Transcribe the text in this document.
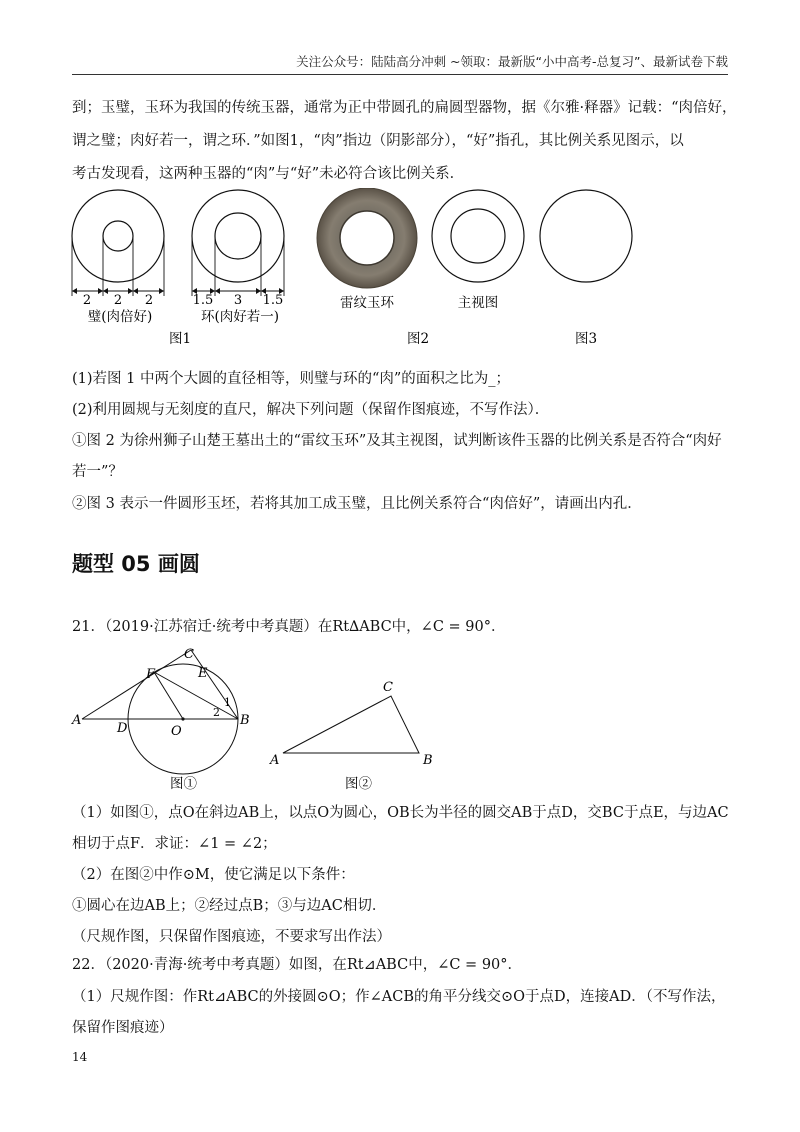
关注公众号：陆陆高分冲刺 ~领取：最新版“小中高考-总复习”、最新试卷下载
到；玉璧，玉环为我国的传统玉器，通常为正中带圆孔的扁圆型器物，据《尔雅·释器》记载：“肉倍好，
谓之璧；肉好若一，谓之环．”如图1，“肉”指边（阴影部分），“好”指孔，其比例关系见图示，以
考古发现看，这两种玉器的“肉”与“好”未必符合该比例关系．
2 2 2
璧(肉倍好)
1.5 3 1.5
环(肉好若一)
图1
雷纹玉环	主视图
图2	图3
(1)若图 1 中两个大圆的直径相等，则璧与环的“肉”的面积之比为_；
(2)利用圆规与无刻度的直尺，解决下列问题（保留作图痕迹，不写作法）．
①图 2 为徐州狮子山楚王墓出土的“雷纹玉环”及其主视图，试判断该件玉器的比例关系是否符合“肉好
若一”？
②图 3 表示一件圆形玉坯，若将其加工成玉璧，且比例关系符合“肉倍好”，请画出内孔．
题型 05 画圆
21．（2019·江苏宿迁·统考中考真题）在Rt∆ABC中，∠C = 90°．
C
F	E
A
D	O
B
1
2
图①
C
A	B
图②
（1）如图①，点O在斜边AB上，以点O为圆心，OB长为半径的圆交AB于点D，交BC于点E，与边AC
相切于点F．求证：∠1 = ∠2；
（2）在图②中作⊙M，使它满足以下条件：
①圆心在边AB上；②经过点B；③与边AC相切．
（尺规作图，只保留作图痕迹，不要求写出作法）
22．（2020·青海·统考中考真题）如图，在Rt⊿ABC中，∠C = 90°．
（1）尺规作图：作Rt⊿ABC的外接圆⊙O；作∠ACB的角平分线交⊙O于点D，连接AD．（不写作法，
保留作图痕迹）
14
